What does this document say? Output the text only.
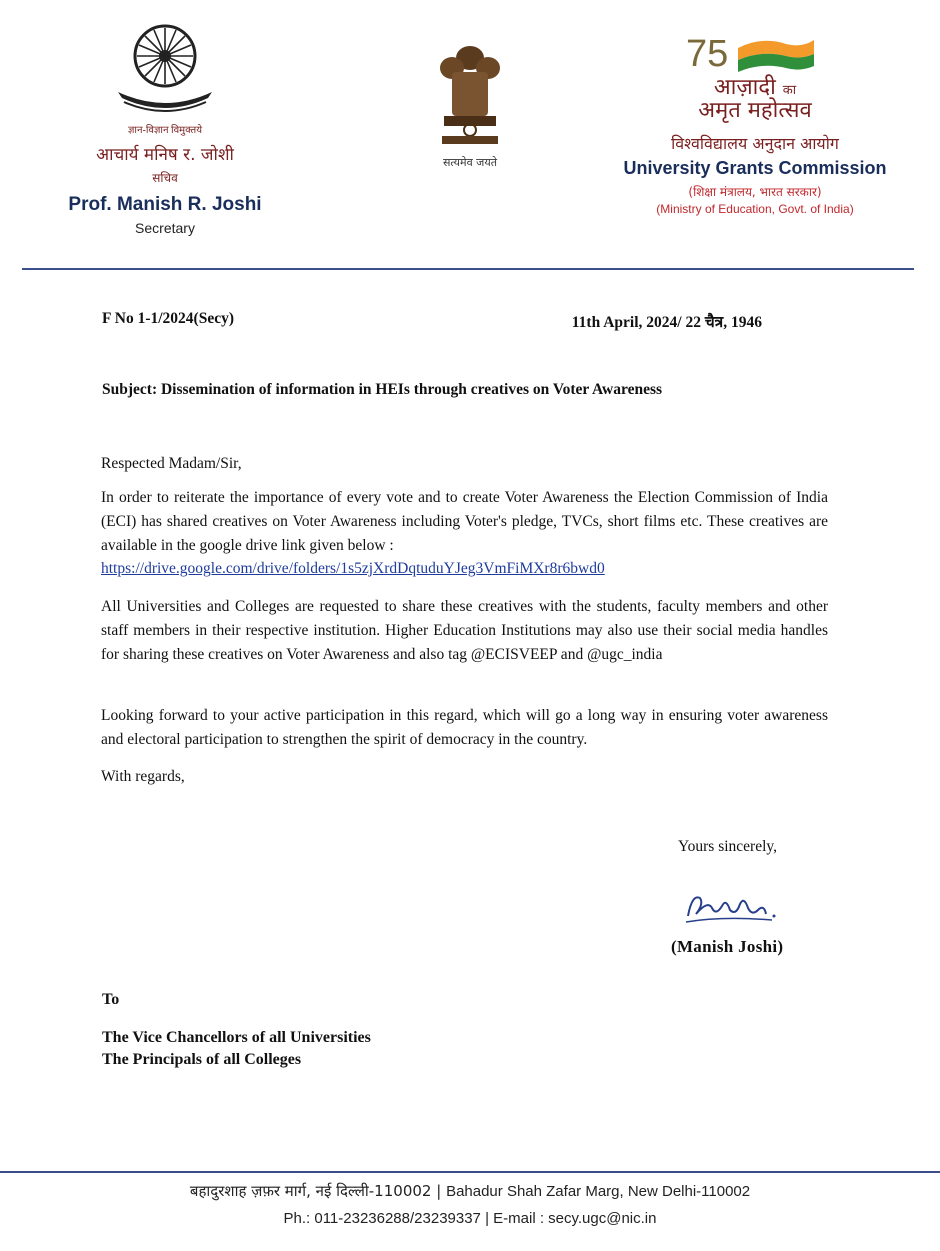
ज्ञान-विज्ञान विमुक्तये
आचार्य मनिष र. जोशी
सचिव
Prof. Manish R. Joshi
Secretary
सत्यमेव जयते
75
आज़ादी का
अमृत महोत्सव
विश्वविद्यालय अनुदान आयोग
University Grants Commission
(शिक्षा मंत्रालय, भारत सरकार)
(Ministry of Education, Govt. of India)
F No 1-1/2024(Secy)	11th April, 2024/ 22 चैत्र, 1946
Subject: Dissemination of information in HEIs through creatives on Voter Awareness
Respected Madam/Sir,
In order to reiterate the importance of every vote and to create Voter Awareness the Election Commission of India (ECI) has shared creatives on Voter Awareness including Voter's pledge, TVCs, short films etc. These creatives are available in the google drive link given below :
https://drive.google.com/drive/folders/1s5zjXrdDqtuduYJeg3VmFiMXr8r6bwd0
All Universities and Colleges are requested to share these creatives with the students, faculty members and other staff members in their respective institution. Higher Education Institutions may also use their social media handles for sharing these creatives on Voter Awareness and also tag @ECISVEEP and @ugc_india
Looking forward to your active participation in this regard, which will go a long way in ensuring voter awareness and electoral participation to strengthen the spirit of democracy in the country.
With regards,
Yours sincerely,
(Manish Joshi)
To
The Vice Chancellors of all Universities
The Principals of all Colleges
बहादुरशाह ज़फ़र मार्ग, नई दिल्ली-110002 | Bahadur Shah Zafar Marg, New Delhi-110002
Ph.: 011-23236288/23239337 | E-mail : secy.ugc@nic.in
